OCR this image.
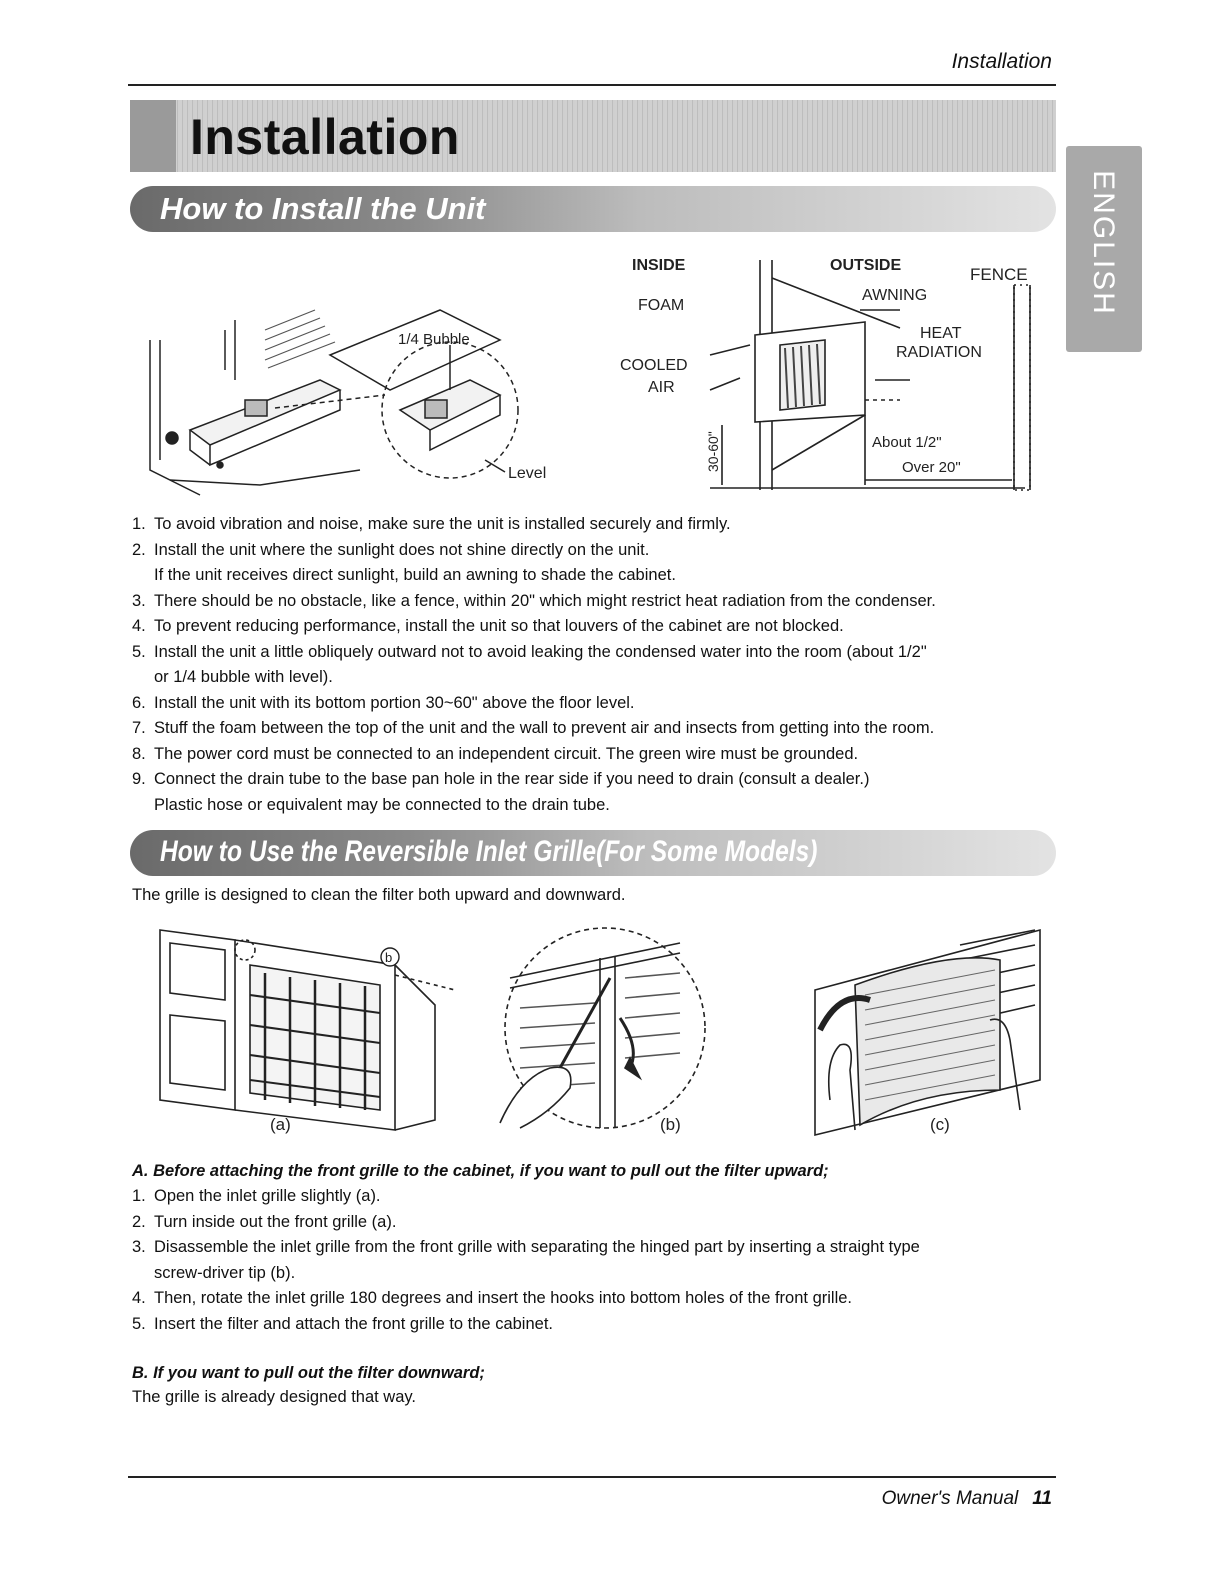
Installation
Installation
ENGLISH
How to Install the Unit
1/4 Bubble
Level
INSIDE	OUTSIDE	FENCE
AWNING
FOAM
COOLED
AIR
HEAT
RADIATION
About 1/2"
Over 20"
30-60"
1. To avoid vibration and noise, make sure the unit is installed securely and firmly.
2. Install the unit where the sunlight does not shine directly on the unit.
If the unit receives direct sunlight, build an awning to shade the cabinet.
3. There should be no obstacle, like a fence, within 20" which might restrict heat radiation from the condenser.
4. To prevent reducing performance, install the unit so that louvers of the cabinet are not blocked.
5. Install the unit a little obliquely outward not to avoid leaking the condensed water into the room (about 1/2"
or 1/4 bubble with level).
6. Install the unit with its bottom portion 30~60" above the floor level.
7. Stuff the foam between the top of the unit and the wall to prevent air and insects from getting into the room.
8. The power cord must be connected to an independent circuit. The green wire must be grounded.
9. Connect the drain tube to the base pan hole in the rear side if you need to drain (consult a dealer.)
Plastic hose or equivalent may be connected to the drain tube.
How to Use the Reversible Inlet Grille(For Some Models)
The grille is designed to clean the filter both upward and downward.
b
(a)	(b)	(c)
A. Before attaching the front grille to the cabinet, if you want to pull out the filter upward;
1. Open the inlet grille slightly (a).
2. Turn inside out the front grille (a).
3. Disassemble the inlet grille from the front grille with separating the hinged part by inserting a straight type
screw-driver tip (b).
4. Then, rotate the inlet grille 180 degrees and insert the hooks into bottom holes of the front grille.
5. Insert the filter and attach the front grille to the cabinet.
B. If you want to pull out the filter downward;
The grille is already designed that way.
Owner's Manual 11
